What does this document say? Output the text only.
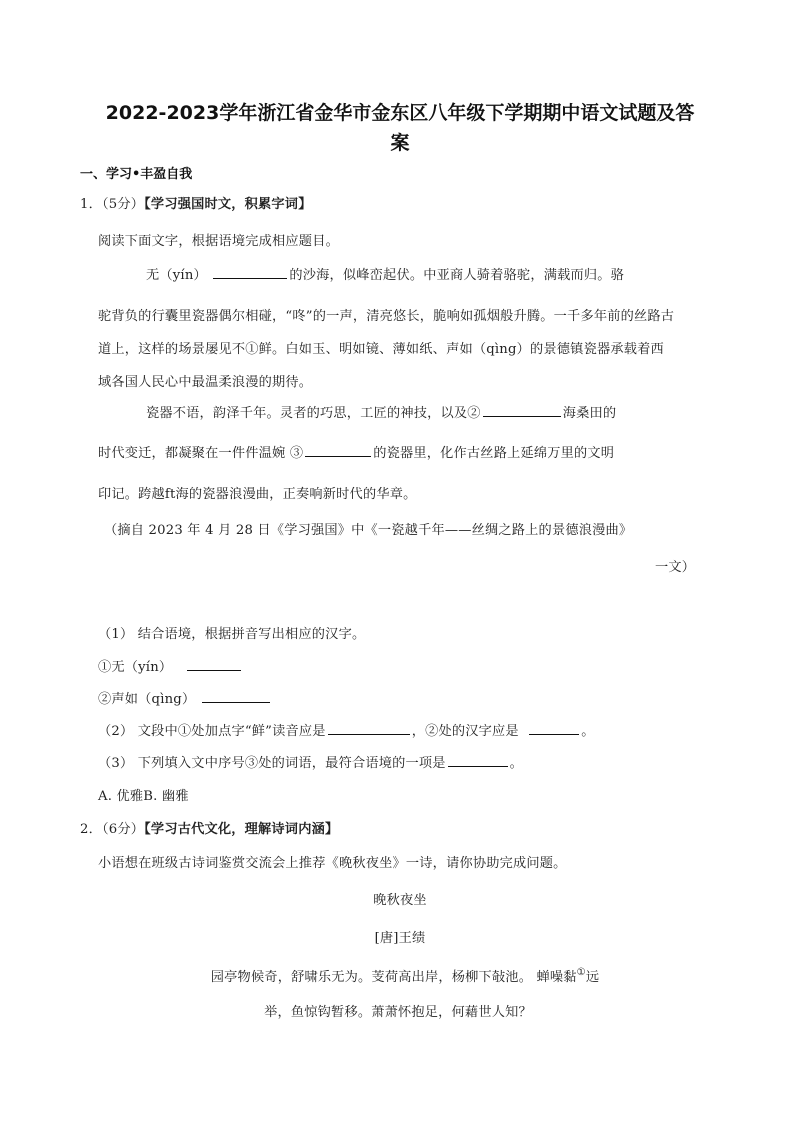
2022-2023学年浙江省金华市金东区八年级下学期期中语文试题及答
案
一、学习•丰盈自我
1．（5分）【学习强国时文，积累字词】
阅读下面文字，根据语境完成相应题目。
无（yín）	的沙海，似峰峦起伏。中亚商人骑着骆驼，满载而归。骆
驼背负的行囊里瓷器偶尔相碰，“咚”的一声，清亮悠长，脆响如孤烟般升腾。一千多年前的丝路古
道上，这样的场景屡见不①鲜。白如玉、明如镜、薄如纸、声如（qìng）的景德镇瓷器承载着西
域各国人民心中最温柔浪漫的期待。
瓷器不语，韵泽千年。灵者的巧思，工匠的神技，以及②	海桑田的
时代变迁，都凝聚在一件件温婉 ③	的瓷器里，化作古丝路上延绵万里的文明
印记。跨越ft海的瓷器浪漫曲，正奏响新时代的华章。
（摘自 2023 年 4 月 28 日《学习强国》中《一瓷越千年——丝绸之路上的景德浪漫曲》
一文）
（1） 结合语境，根据拼音写出相应的汉字。
①无（yín）
②声如（qìng）
（2） 文段中①处加点字“鲜”读音应是	，②处的汉字应是	。
（3） 下列填入文中序号③处的词语，最符合语境的一项是	。
A. 优雅B. 幽雅
2．（6分）【学习古代文化，理解诗词内涵】
小语想在班级古诗词鉴赏交流会上推荐《晚秋夜坐》一诗，请你协助完成问题。
晚秋夜坐
[唐]王绩
园亭物候奇，舒啸乐无为。芰荷高出岸，杨柳下敧池。 蝉噪黏①远
举，鱼惊钩暂移。萧萧怀抱足，何藉世人知？
